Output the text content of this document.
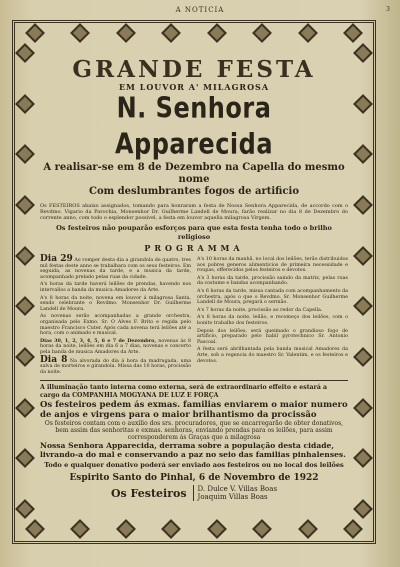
A NOTICIA	3
GRANDE FESTA
EM LOUVOR A' MILAGROSA
N. Senhora Apparecida
A realisar-se em 8 de Dezembro na Capella do mesmo nome
Com deslumbrantes fogos de artificio
Os FESTEIROS abaixo assignados, tomando para honraram a festa de Nossa Senhora Apparecida, de accordo com o Revdmo. Vigario da Parochia, Monsenhor Dr. Guilherme Landell de Moura, farão realizar no dia 8 de Dezembro do corrente anno, com todo o esplendor possivel, a festa em louvor aquella milagrosa Virgem.
Os festeiros não pouparão esforços para que esta festa tenha todo o brilho religioso
PROGRAMMA

Dia 29 Ao romper desta dia a girandola de quatro, tres mil festas deste anno se trabalhara com os seus festeiros. Em seguida, as novenas da tarde, e a musica da tarde, acompanhado prelado pelas ruas da cidade.

A's horas da tarde haverá leilões de prendas, havendo nos intervallos a banda da musica Amadores da Arte.

A's 8 horas da noite, novena em louvor á milagrosa Santa, sendo celebrante o Revdmo. Monsenhor Dr. Guilherme Landell de Moura.

As novenas serão acompanhadas a grande orchestra, organisada pelo Exmo. Sr. O Alves F. Brito e regida pelo maestro Francisco Cuter. Após cada novena terá leilões até a hora, com o animado e musical.

Dias 30, 1, 2, 3, 4, 5, 6 e 7 de Dezembro, novenas ás 8 horas da noite, leilões em dia 6 a 7 dias, novenas e concerto pela banda de musica Amadores da Arte.

Dia 8 Na alvorada do dia á hora da madrugada, uma salva de morteiros e girandola. Missa das 10 horas, procissão da noite.

A's 10 horas da manhã, no local dos leilões, terão distribuidos aos pobres generos alimenticios de primeira necessidade e roupas, offerecidos pelos festeiros e devotos.

A's 3 horas da tarde, procissão saindo da matriz, pelas ruas da costume e bandas acompanhando.

A's 6 horas da tarde, missa cantada com acompanhamento da orchestra, após o que o Revdmo. Sr. Monsenhor Guilherme Landell de Moura, pregará o sermão.

A's 7 horas da noite, procissão ao redor da Capella.

A's 8 horas da noite, leilão, e recomeço dos leilões, com o bonito trabalho dos festeiros.

Depois dos leilões, será queimado o grandioso fogo de artificio, preparado pelo habil pyrotechnico Sr. Antonio Pascoal.

A festa será abrilhantada pela banda musical Amadores da Arte, sob a regencia do maestro Sr. Valentim, e os festeiros e devotos.

A illuminação tanto interna como externa, será de extraordinario effeito e estará a cargo da COMPANHIA MOGYANA DE LUZ E FORÇA
Os festeiros pedem ás exmas. familias enviarem o maior numero de anjos e virgens para o maior brilhantismo da procissão
Os festeiros contam com o auxilio dos srs. procuradores, que se encarregarão de obter donativos, bem assim das senhoritas e exmas. senhoras, enviando prendas para os leilões, para assim corresponderem ás Graças que a milagrosa
Nossa Senhora Apparecida, derrama sobre a população desta cidade, livrando-a do mal e conservando a paz no seio das familias pinhalenses.
Todo e qualquer donativo poderá ser enviado aos festeiros ou no local dos leilões
Espirito Santo do Pinhal, 6 de Novembro de 1922
Os Festeiros D. Dulce V. Villas Boas
Joaquim Villas Boas
